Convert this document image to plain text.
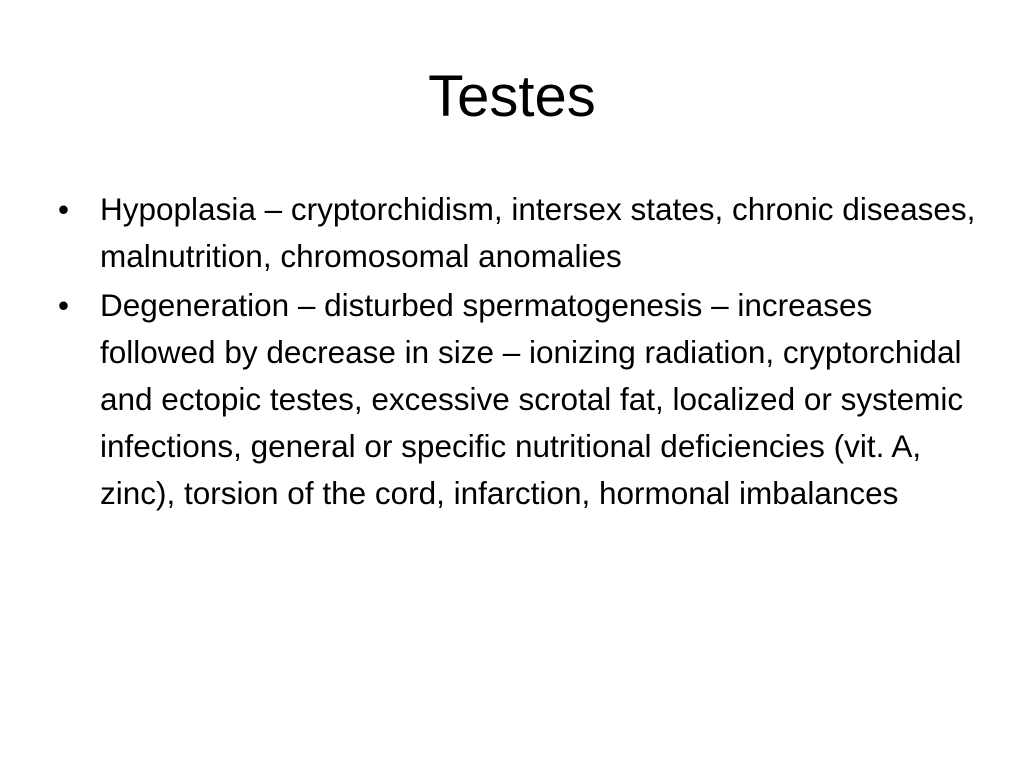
Testes
• Hypoplasia – cryptorchidism, intersex states, chronic diseases, malnutrition, chromosomal anomalies
• Degeneration – disturbed spermatogenesis – increases followed by decrease in size – ionizing radiation, cryptorchidal and ectopic testes, excessive scrotal fat, localized or systemic infections, general or specific nutritional deficiencies (vit. A, zinc), torsion of the cord, infarction, hormonal imbalances
